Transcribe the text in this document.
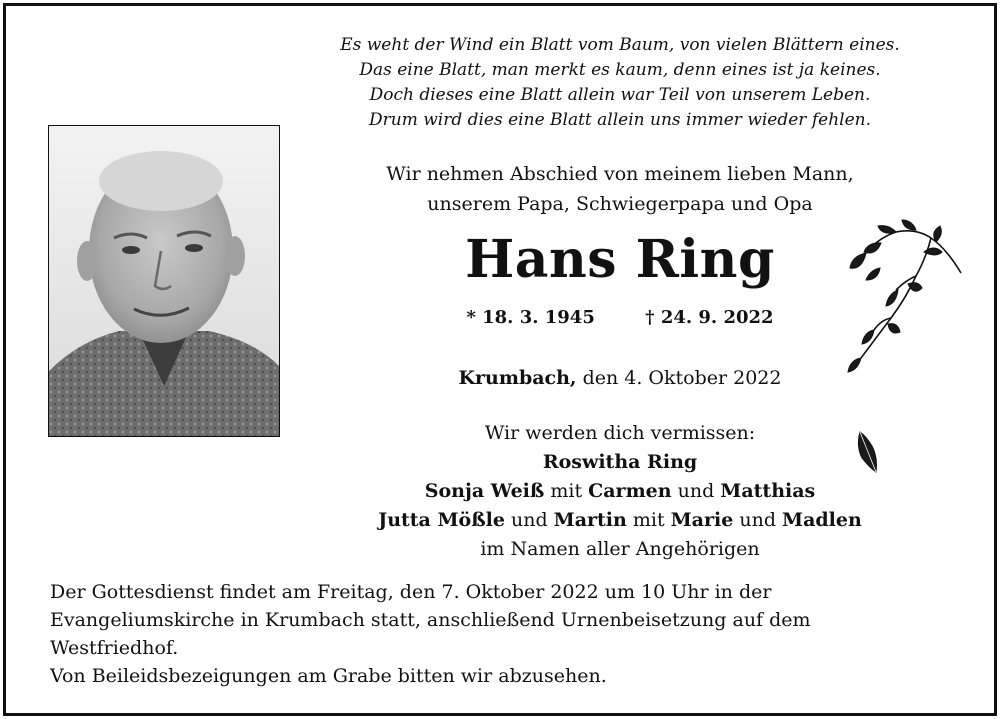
Es weht der Wind ein Blatt vom Baum, von vielen Blättern eines.
Das eine Blatt, man merkt es kaum, denn eines ist ja keines.
Doch dieses eine Blatt allein war Teil von unserem Leben.
Drum wird dies eine Blatt allein uns immer wieder fehlen.
Wir nehmen Abschied von meinem lieben Mann,
unserem Papa, Schwiegerpapa und Opa
Hans Ring
* 18. 3. 1945	† 24. 9. 2022
Krumbach, den 4. Oktober 2022
Wir werden dich vermissen:
Roswitha Ring
Sonja Weiß mit Carmen und Matthias
Jutta Mößle und Martin mit Marie und Madlen
im Namen aller Angehörigen
Der Gottesdienst findet am Freitag, den 7. Oktober 2022 um 10 Uhr in der
Evangeliumskirche in Krumbach statt, anschließend Urnenbeisetzung auf dem
Westfriedhof.
Von Beileidsbezeigungen am Grabe bitten wir abzusehen.
